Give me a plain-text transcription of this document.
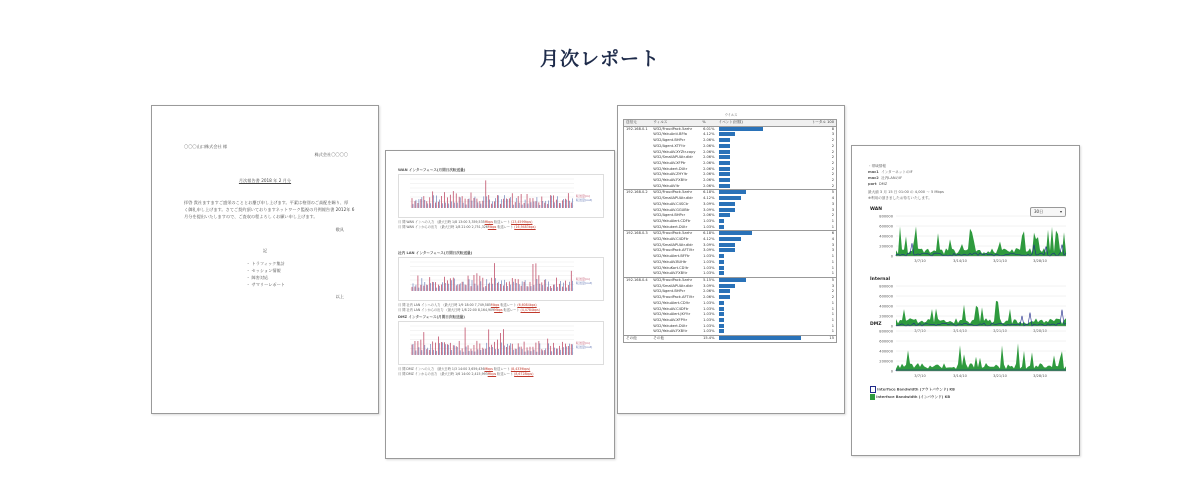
月次レポート
〇〇〇山口株式会社 様
株式会社〇〇〇〇
月次報告書 2018 年 2 月分
拝啓 貴社ますますご盛栄のこととお慶び申し上げます。平素は格別のご高配を賜り、厚
く御礼申し上げます。さてご契約頂いておりますネットワーク監視の月例報告書 2012年 6
月分を提出いたしますので、ご査収の程よろしくお願い申し上げます。
敬具
記
・ トラフィック集計
・ セッション情報
・ 障害対応
・ サマリーレポート
以上
WAN インターフェース(月間日次転送量)
転送量(in)
転送量(out)
月 間 WAN インへの入力 （最大日時 1/8 13:00 3,359,535Mbps 転送レート (23,4599bps)
月 間 WAN インからの出力 （最大日時 1/8 21:00 2,751,326Mbps 転送レート (16,9483bps)
社内 LAN インターフェース(月間日次転送量)
転送量(in)
転送量(out)
月 間 社内 LAN インへの入力 （最大日時 1/9 18:00 7,749,585Mbps 転送レート (6,6084bps)
月 間 社内 LAN インからの出力 （最大日時 1/8 22:00 8,164,909Mbps 転送レート (4,4784bps)
DMZ インターフェース(月間日次転送量)
転送量(in)
転送量(out)
月 間 DMZ インへの入力 （最大日時 1/3 14:00 3,659,436Mbps 転送レート (8,4339bps)
月 間 DMZ インからの出力 （最大日時 1/6 14:00 2,415,993Mbps 転送レート (8,6728bps)
ウイルス
送信元	ウィルス	%	イベント(回数)	トータル 100
192.168.0.1	W32/FraudPack.5zehr	6.01%		8
	W32/YakuAnti.BFfa	4.12%		3
	W32/Agent.BHPcr	2.06%		2
	W32/Agent.XTF!tr	2.06%		2
	W32/YakuAV.XYZtr.copy	2.06%		2
	W32/SmallAPUAtr.dldr	2.06%		2
	W32/YakuAV.XFPtr	2.06%		2
	W32/Yakukert.DUtr	2.06%		2
	W32/YakuAV.ZHY!tr	2.06%		2
	W32/YakuAV.FXB!tr	2.06%		2
	W32/YakuAV!tr	2.06%		2
192.168.0.2	W32/FraudPack.5zehr	6.18%		5
	W32/SmallAPUAtr.dldr	4.12%		4
	W32/YakuAV.C4SCtr	3.09%		3
	W32/YakuAV.GGUBtr	3.09%		3
	W32/Agent.BHPcr	2.06%		2
	W32/YakuAlert.CDFtr	1.03%		1
	W32/Yakukert.DUtr	1.03%		1
192.168.0.3	W32/FraudPack.5zehr	6.18%		6
	W32/YakuAV.C4DFtr	4.12%		4
	W32/SmallAPUAtr.dldr	3.09%		3
	W32/FraudPack.AFTI!tr	3.09%		3
	W32/YakuAlert.BFFtr	1.03%		1
	W32/YakuAV.BUHtr	1.03%		1
	W32/YakuKort.CD!tr	1.03%		1
	W32/YakuAV.FXB!tr	1.03%		1
192.168.0.4	W32/FraudPack.5zehr	5.15%		5
	W32/SmallAPUAtr.dldr	3.09%		3
	W32/Agent.BHPcr	2.06%		2
	W32/FraudPack.AFTI!tr	2.06%		2
	W32/YakuAlert.CD!tr	1.03%		1
	W32/YakuAV.C4DFtr	1.03%		1
	W32/YakuAlert.JKY!tr	1.03%		1
	W32/YakuAV.XFP!tr	1.03%		1
	W32/Yakukert.DUtr	1.03%		1
	W32/YakuAV.FXB!tr	1.03%		1
その他	その他	15.4%		15
・帯域情報
mac1 インターネットのIF
mac2 社内LANのIF
port DMZ
最大値 3 月 15 日 01:00 の 4,000 ～ 5 Mbps
※利用の頂きましたお待ちいたします。
30日	▾
WAN
800000
600000
400000
200000
0
3/7/10	3/14/10	3/21/10	3/28/10
Internal
800000
600000
400000
200000
0
3/7/10	3/14/10	3/21/10	3/28/10
DMZ
800000
600000
400000
200000
0
3/7/10	3/14/10	3/21/10	3/28/10
Interface Bandwidth (アウトバウンド) KB
Interface Bandwidth (インバウンド) KB
